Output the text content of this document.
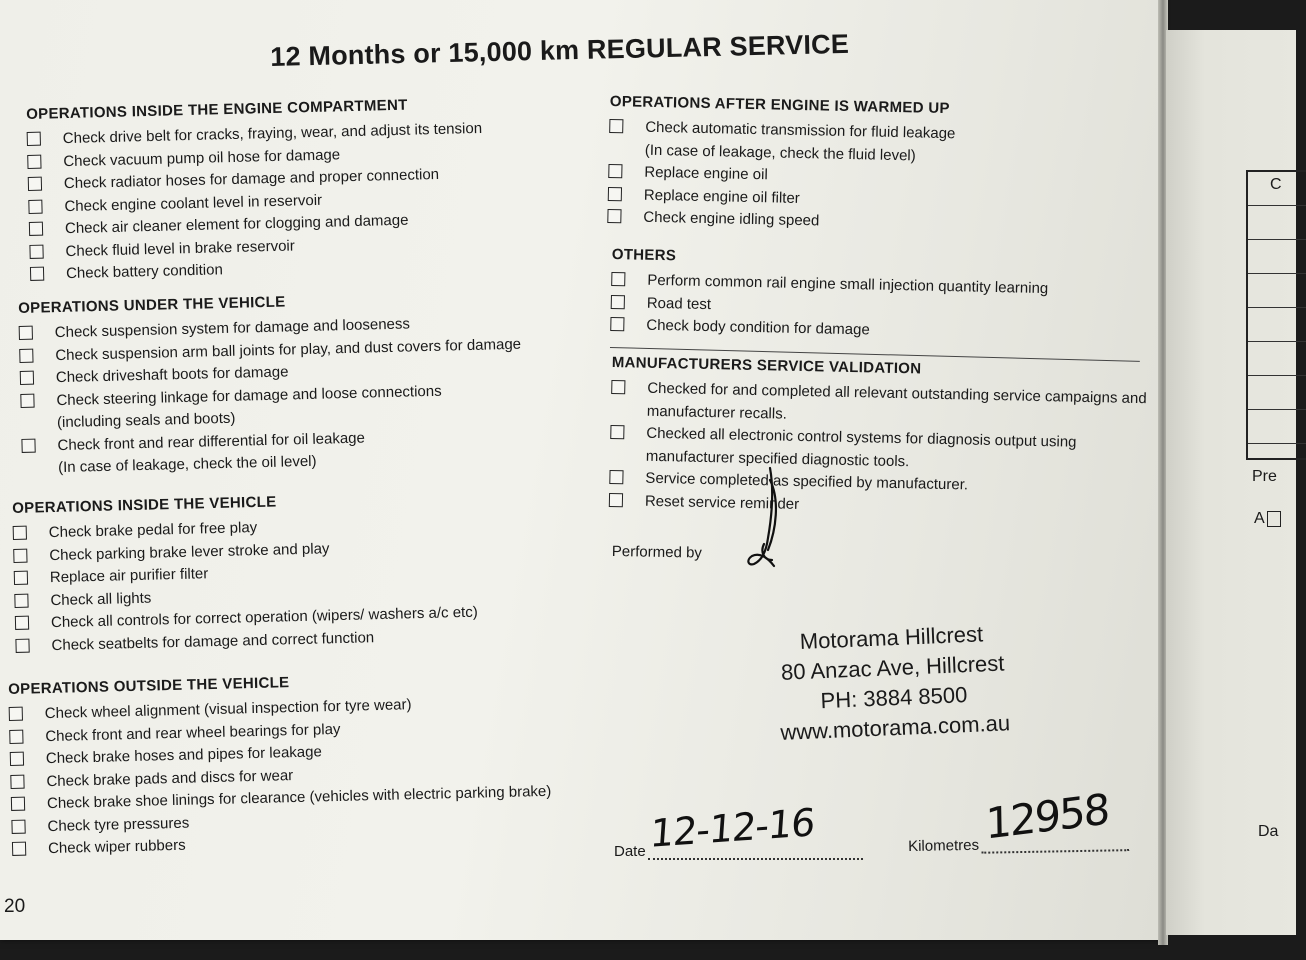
12 Months or 15,000 km REGULAR SERVICE
OPERATIONS INSIDE THE ENGINE COMPARTMENT
Check drive belt for cracks, fraying, wear, and adjust its tension
Check vacuum pump oil hose for damage
Check radiator hoses for damage and proper connection
Check engine coolant level in reservoir
Check air cleaner element for clogging and damage
Check fluid level in brake reservoir
Check battery condition
OPERATIONS UNDER THE VEHICLE
Check suspension system for damage and looseness
Check suspension arm ball joints for play, and dust covers for damage
Check driveshaft boots for damage
Check steering linkage for damage and loose connections
(including seals and boots)
Check front and rear differential for oil leakage
(In case of leakage, check the oil level)
OPERATIONS INSIDE THE VEHICLE
Check brake pedal for free play
Check parking brake lever stroke and play
Replace air purifier filter
Check all lights
Check all controls for correct operation (wipers/ washers a/c etc)
Check seatbelts for damage and correct function
OPERATIONS OUTSIDE THE VEHICLE
Check wheel alignment (visual inspection for tyre wear)
Check front and rear wheel bearings for play
Check brake hoses and pipes for leakage
Check brake pads and discs for wear
Check brake shoe linings for clearance (vehicles with electric parking brake)
Check tyre pressures
Check wiper rubbers
OPERATIONS AFTER ENGINE IS WARMED UP
Check automatic transmission for fluid leakage
(In case of leakage, check the fluid level)
Replace engine oil
Replace engine oil filter
Check engine idling speed
OTHERS
Perform common rail engine small injection quantity learning
Road test
Check body condition for damage
MANUFACTURERS SERVICE VALIDATION
Checked for and completed all relevant outstanding service campaigns and
manufacturer recalls.
Checked all electronic control systems for diagnosis output using
manufacturer specified diagnostic tools.
Service completed as specified by manufacturer.
Reset service reminder
Performed by
Motorama Hillcrest
80 Anzac Ave, Hillcrest
PH: 3884 8500
www.motorama.com.au
Date 12-12-16	Kilometres 12958
20
C
Pre
A
Da
